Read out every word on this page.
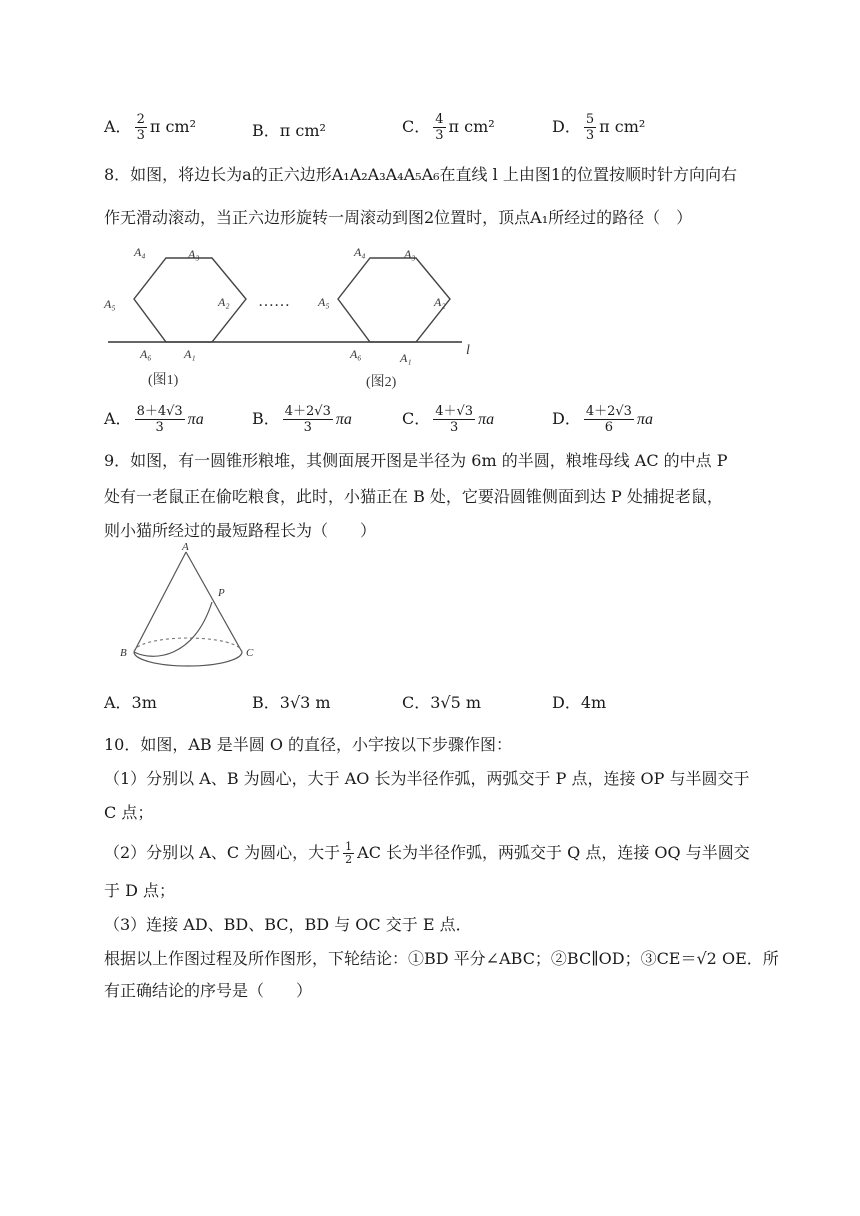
A． $\frac{2}{3}$ π cm²	B．π cm²	C． $\frac{4}{3}$ π cm²	D． $\frac{5}{3}$ π cm²
8．如图，将边长为a的正六边形A₁A₂A₃A₄A₅A₆在直线 l 上由图1的位置按顺时针方向向右
作无滑动滚动，当正六边形旋转一周滚动到图2位置时，顶点A₁所经过的路径（　）
l
A₄	A₃
A₅	A₂
A₆	A₁
……
A₄	A₃
A₅	A₂
A₆	A₁
(图1)	(图2)
A． $\frac{8+4√3}{3}$ πa	B． $\frac{4+2√3}{3}$ πa	C． $\frac{4+√3}{3}$ πa	D． $\frac{4+2√3}{6}$ πa
9．如图，有一圆锥形粮堆，其侧面展开图是半径为 6m 的半圆，粮堆母线 AC 的中点 P
处有一老鼠正在偷吃粮食，此时，小猫正在 B 处，它要沿圆锥侧面到达 P 处捕捉老鼠，
则小猫所经过的最短路程长为（　　）
A
P
B	C
A．3m	B．3√3 m	C．3√5 m	D．4m
10．如图，AB 是半圆 O 的直径，小宇按以下步骤作图：
（1）分别以 A、B 为圆心，大于 AO 长为半径作弧，两弧交于 P 点，连接 OP 与半圆交于
C 点；
（2）分别以 A、C 为圆心，大于 $\frac{1}{2}$ AC 长为半径作弧，两弧交于 Q 点，连接 OQ 与半圆交
于 D 点；
（3）连接 AD、BD、BC，BD 与 OC 交于 E 点．
根据以上作图过程及所作图形，下轮结论：①BD 平分∠ABC；②BC∥OD；③CE＝√2 OE．所
有正确结论的序号是（　　）
